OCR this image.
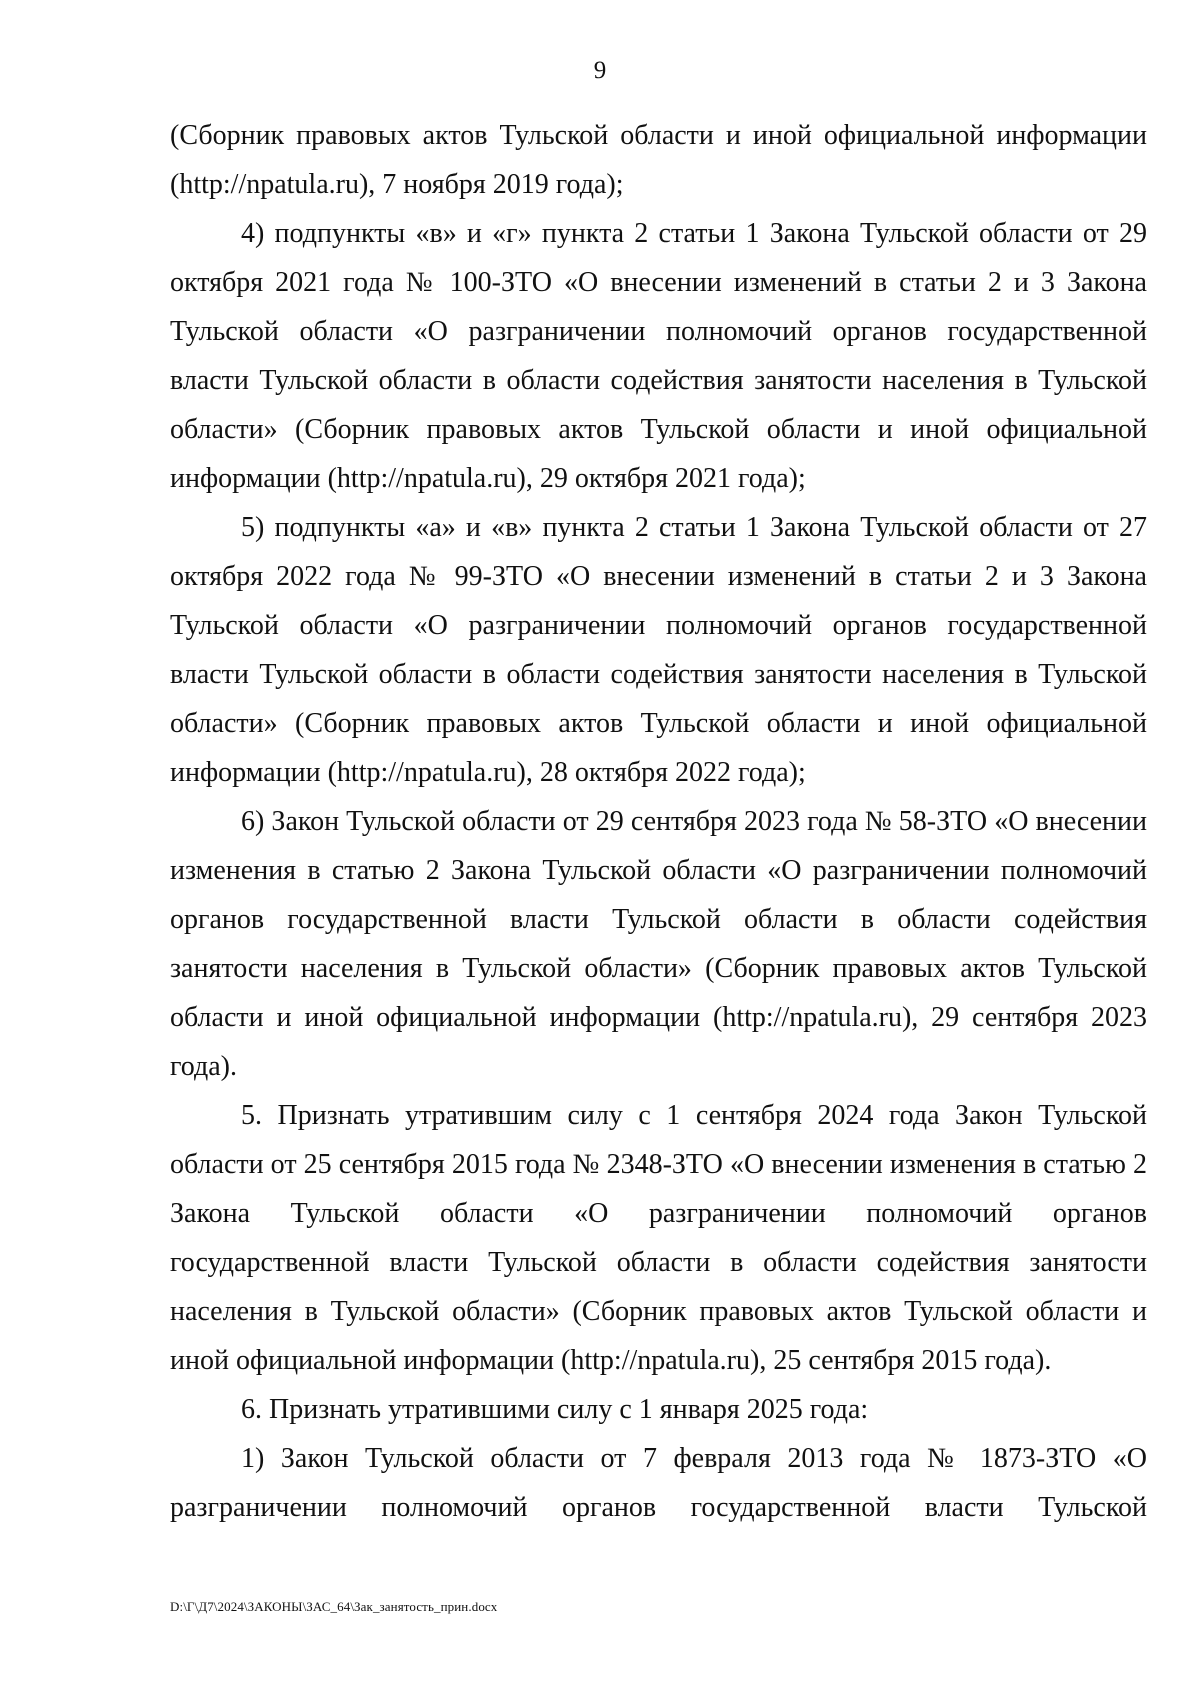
9

(Сборник правовых актов Тульской области и иной официальной информации (http://npatula.ru), 7 ноября 2019 года);

4) подпункты «в» и «г» пункта 2 статьи 1 Закона Тульской области от 29 октября 2021 года № 100-ЗТО «О внесении изменений в статьи 2 и 3 Закона Тульской области «О разграничении полномочий органов государственной власти Тульской области в области содействия занятости населения в Тульской области» (Сборник правовых актов Тульской области и иной официальной информации (http://npatula.ru), 29 октября 2021 года);

5) подпункты «а» и «в» пункта 2 статьи 1 Закона Тульской области от 27 октября 2022 года № 99-ЗТО «О внесении изменений в статьи 2 и 3 Закона Тульской области «О разграничении полномочий органов государственной власти Тульской области в области содействия занятости населения в Тульской области» (Сборник правовых актов Тульской области и иной официальной информации (http://npatula.ru), 28 октября 2022 года);

6) Закон Тульской области от 29 сентября 2023 года № 58-ЗТО «О внесении изменения в статью 2 Закона Тульской области «О разграничении полномочий органов государственной власти Тульской области в области содействия занятости населения в Тульской области» (Сборник правовых актов Тульской области и иной официальной информации (http://npatula.ru), 29 сентября 2023 года).

5. Признать утратившим силу с 1 сентября 2024 года Закон Тульской области от 25 сентября 2015 года № 2348-ЗТО «О внесении изменения в статью 2 Закона Тульской области «О разграничении полномочий органов государственной власти Тульской области в области содействия занятости населения в Тульской области» (Сборник правовых актов Тульской области и иной официальной информации (http://npatula.ru), 25 сентября 2015 года).

6. Признать утратившими силу с 1 января 2025 года:

1) Закон Тульской области от 7 февраля 2013 года № 1873-ЗТО «О разграничении полномочий органов государственной власти Тульской

D:\Г\Д7\2024\ЗАКОНЫ\ЗАС_64\Зак_занятость_прин.docx
